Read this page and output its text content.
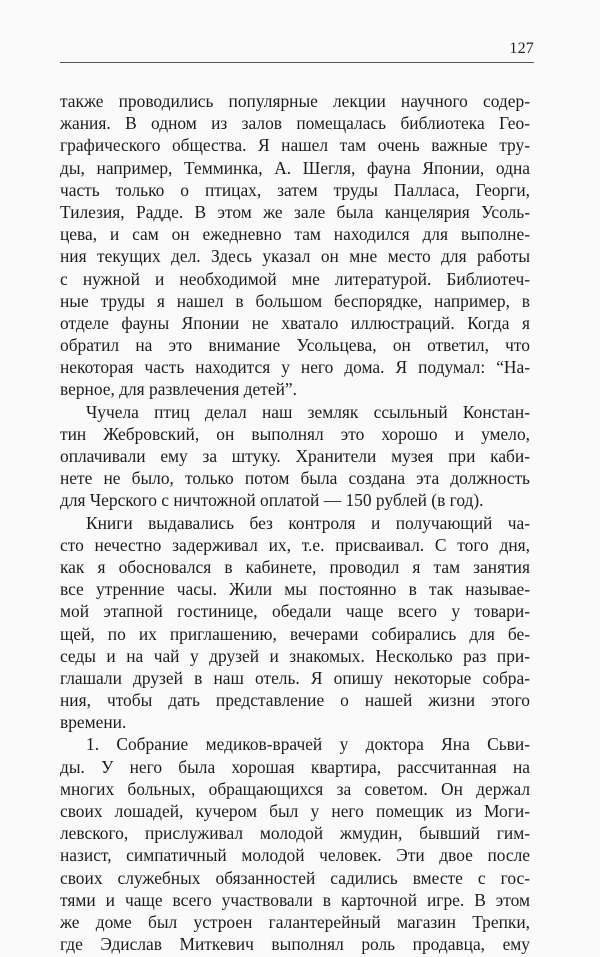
127
также проводились популярные лекции научного содер-
жания. В одном из залов помещалась библиотека Гео-
графического общества. Я нашел там очень важные тру-
ды, например, Темминка, А. Шегля, фауна Японии, одна
часть только о птицах, затем труды Палласа, Георги,
Тилезия, Радде. В этом же зале была канцелярия Усоль-
цева, и сам он ежедневно там находился для выполне-
ния текущих дел. Здесь указал он мне место для работы
с нужной и необходимой мне литературой. Библиотеч-
ные труды я нашел в большом беспорядке, например, в
отделе фауны Японии не хватало иллюстраций. Когда я
обратил на это внимание Усольцева, он ответил, что
некоторая часть находится у него дома. Я подумал: “На-
верное, для развлечения детей”.
Чучела птиц делал наш земляк ссыльный Констан-
тин Жебровский, он выполнял это хорошо и умело,
оплачивали ему за штуку. Хранители музея при каби-
нете не было, только потом была создана эта должность
для Черского с ничтожной оплатой — 150 рублей (в год).
Книги выдавались без контроля и получающий ча-
сто нечестно задерживал их, т.е. присваивал. С того дня,
как я обосновался в кабинете, проводил я там занятия
все утренние часы. Жили мы постоянно в так называе-
мой этапной гостинице, обедали чаще всего у товари-
щей, по их приглашению, вечерами собирались для бе-
седы и на чай у друзей и знакомых. Несколько раз при-
глашали друзей в наш отель. Я опишу некоторые собра-
ния, чтобы дать представление о нашей жизни этого
времени.
1. Собрание медиков-врачей у доктора Яна Сьви-
ды. У него была хорошая квартира, рассчитанная на
многих больных, обращающихся за советом. Он держал
своих лошадей, кучером был у него помещик из Моги-
левского, прислуживал молодой жмудин, бывший гим-
назист, симпатичный молодой человек. Эти двое после
своих служебных обязанностей садились вместе с гос-
тями и чаще всего участвовали в карточной игре. В этом
же доме был устроен галантерейный магазин Трепки,
где Эдислав Миткевич выполнял роль продавца, ему
